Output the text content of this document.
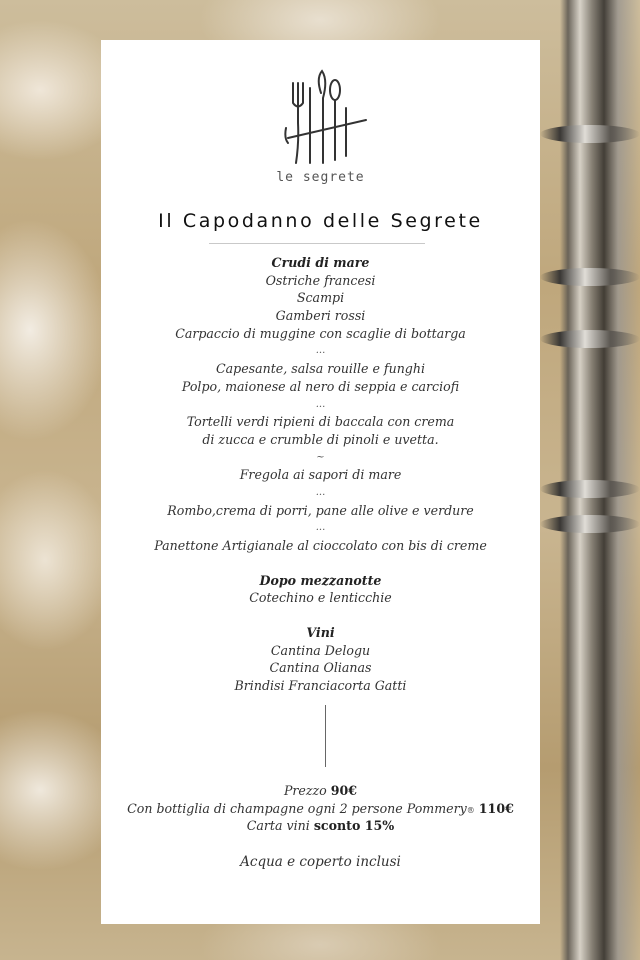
le segrete
Il Capodanno delle Segrete
Crudi di mare
Ostriche francesi
Scampi
Gamberi rossi
Carpaccio di muggine con scaglie di bottarga
...
Capesante, salsa rouille e funghi
Polpo, maionese al nero di seppia e carciofi
...
Tortelli verdi ripieni di baccala con crema
di zucca e crumble di pinoli e uvetta.
~
Fregola ai sapori di mare
...
Rombo,crema di porri, pane alle olive e verdure
...
Panettone Artigianale al cioccolato con bis di creme
Dopo mezzanotte
Cotechino e lenticchie
Vini
Cantina Delogu
Cantina Olianas
Brindisi Franciacorta Gatti
Prezzo 90€
Con bottiglia di champagne ogni 2 persone Pommery® 110€
Carta vini sconto 15%
Acqua e coperto inclusi
